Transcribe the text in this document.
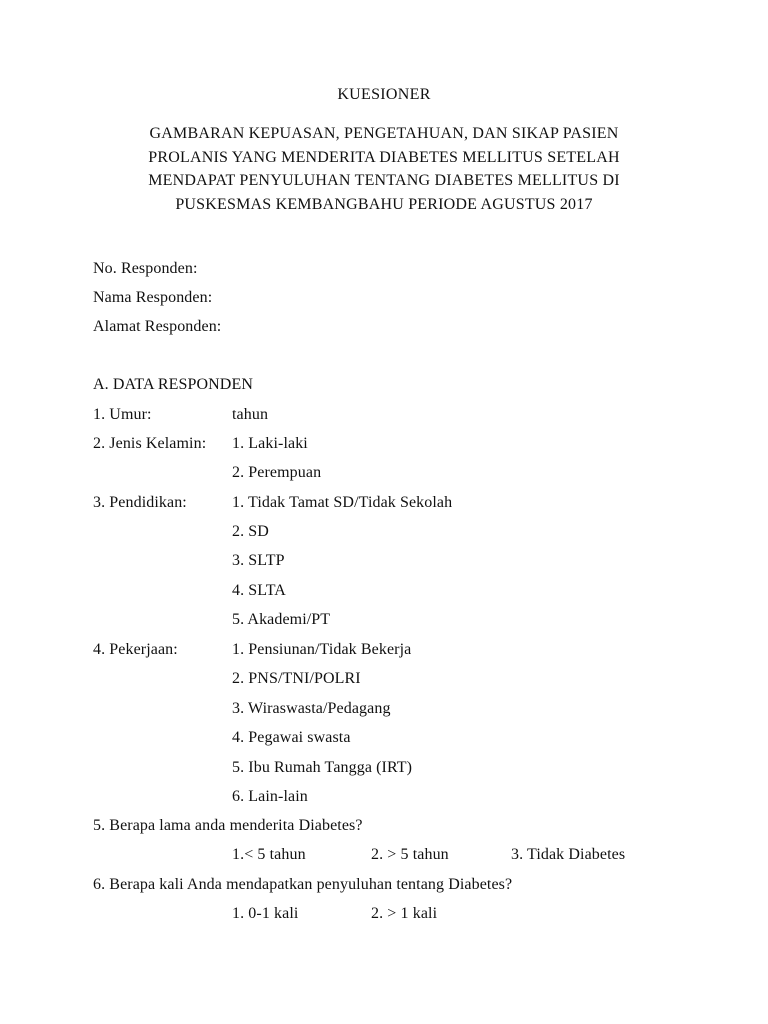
KUESIONER
GAMBARAN KEPUASAN, PENGETAHUAN, DAN SIKAP PASIEN
PROLANIS YANG MENDERITA DIABETES MELLITUS SETELAH
MENDAPAT PENYULUHAN TENTANG DIABETES MELLITUS DI
PUSKESMAS KEMBANGBAHU PERIODE AGUSTUS 2017
No. Responden:
Nama Responden:
Alamat Responden:
A. DATA RESPONDEN
1. Umur:	tahun
2. Jenis Kelamin: 1. Laki-laki
2. Perempuan
3. Pendidikan:	1. Tidak Tamat SD/Tidak Sekolah
2. SD
3. SLTP
4. SLTA
5. Akademi/PT
4. Pekerjaan:	1. Pensiunan/Tidak Bekerja
2. PNS/TNI/POLRI
3. Wiraswasta/Pedagang
4. Pegawai swasta
5. Ibu Rumah Tangga (IRT)
6. Lain-lain
5. Berapa lama anda menderita Diabetes?
1.< 5 tahun	2. > 5 tahun	3. Tidak Diabetes
6. Berapa kali Anda mendapatkan penyuluhan tentang Diabetes?
1. 0-1 kali	2. > 1 kali
